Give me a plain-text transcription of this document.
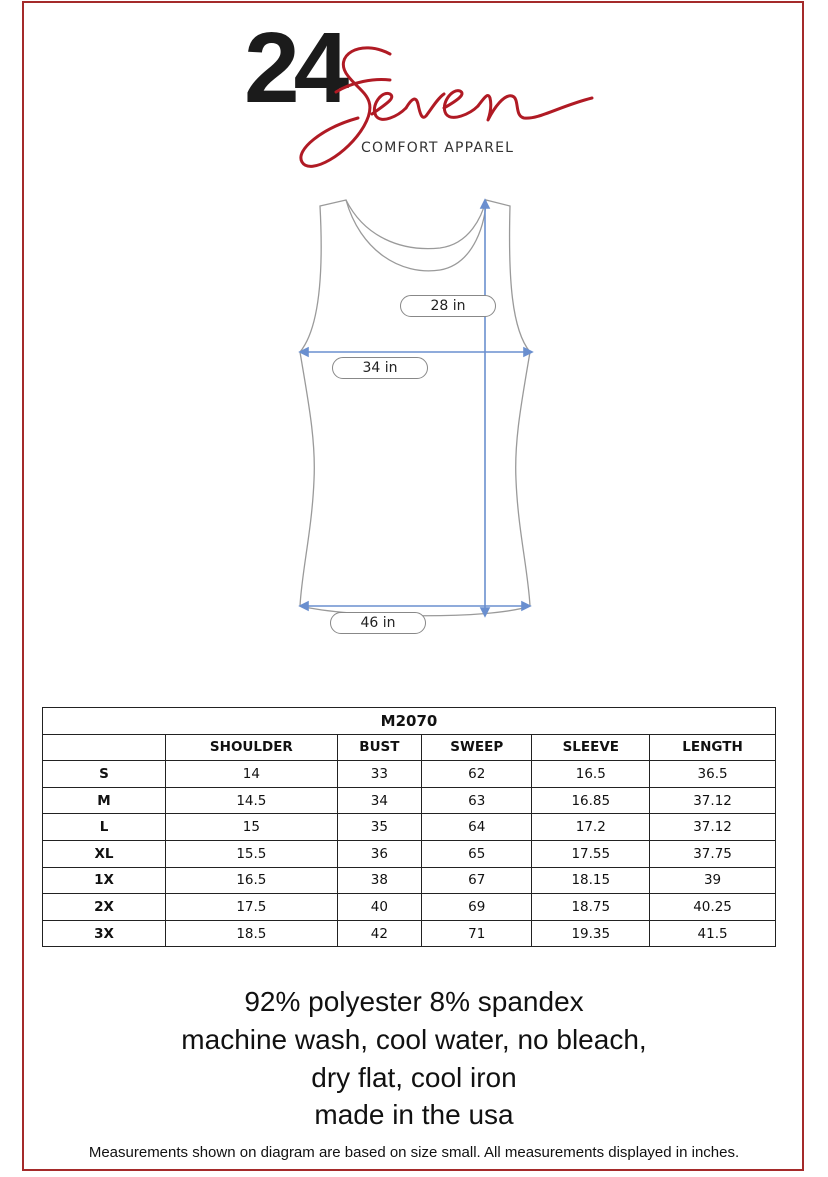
24
COMFORT APPAREL
28 in
34 in
46 in
M2070					
	SHOULDER	BUST	SWEEP	SLEEVE	LENGTH
S	14	33	62	16.5	36.5
M	14.5	34	63	16.85	37.12
L	15	35	64	17.2	37.12
XL	15.5	36	65	17.55	37.75
1X	16.5	38	67	18.15	39
2X	17.5	40	69	18.75	40.25
3X	18.5	42	71	19.35	41.5
92% polyester 8% spandex
machine wash, cool water, no bleach,
dry flat, cool iron
made in the usa
Measurements shown on diagram are based on size small. All measurements displayed in inches.
